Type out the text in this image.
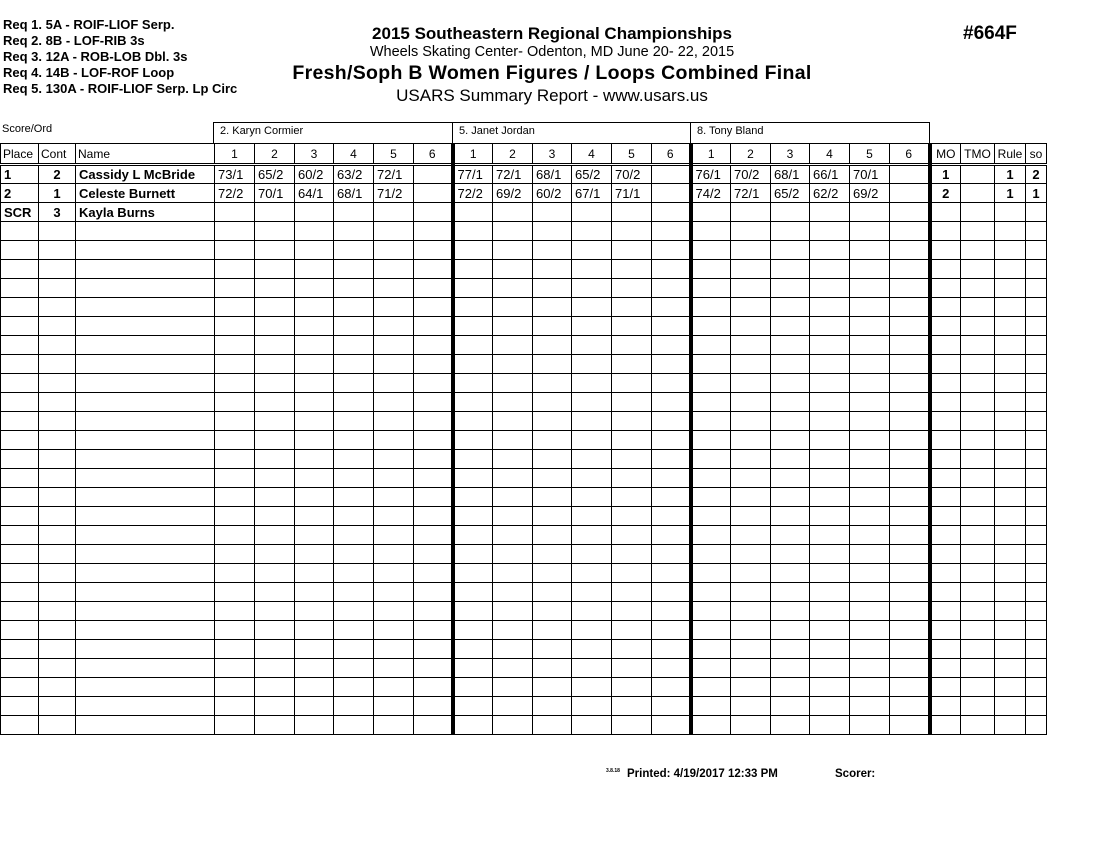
Req 1. 5A - ROIF-LIOF Serp.
Req 2. 8B - LOF-RIB 3s
Req 3. 12A - ROB-LOB Dbl. 3s
Req 4. 14B - LOF-ROF Loop
Req 5. 130A - ROIF-LIOF Serp. Lp Circ
2015 Southeastern Regional Championships
Wheels Skating Center- Odenton, MD June 20- 22, 2015
Fresh/Soph B Women Figures / Loops Combined Final
USARS Summary Report - www.usars.us
#664F
Score/Ord	2. Karyn Cormier	5. Janet Jordan	8. Tony Bland
Place	Cont	Name	1	2	3	4	5	6	1	2	3	4	5	6	1	2	3	4	5	6	MO	TMO	Rule	so
1	2	Cassidy L McBride	73/1	65/2	60/2	63/2	72/1		77/1	72/1	68/1	65/2	70/2		76/1	70/2	68/1	66/1	70/1		1		1	2
2	1	Celeste Burnett	72/2	70/1	64/1	68/1	71/2		72/2	69/2	60/2	67/1	71/1		74/2	72/1	65/2	62/2	69/2		2		1	1
SCR	3	Kayla Burns																						

3.8.18 Printed: 4/19/2017 12:33 PM	Scorer:
